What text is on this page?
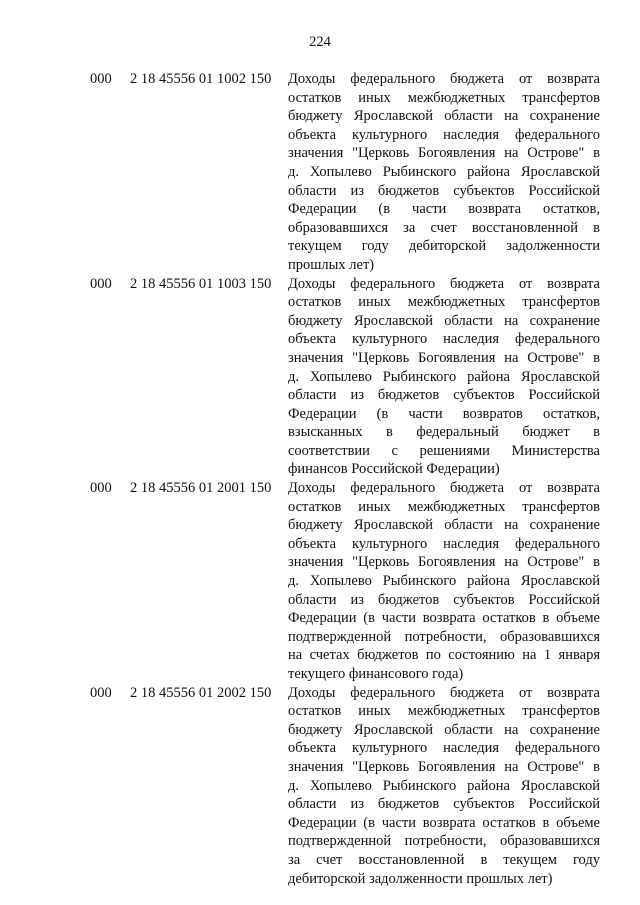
224
000	2 18 45556 01 1002 150	Доходы федерального бюджета от возврата
остатков иных межбюджетных трансфертов
бюджету Ярославской области на сохранение
объекта культурного наследия федерального
значения "Церковь Богоявления на Острове" в
д. Хопылево Рыбинского района Ярославской
области из бюджетов субъектов Российской
Федерации (в части возврата остатков,
образовавшихся за счет восстановленной в
текущем году дебиторской задолженности
прошлых лет)
000	2 18 45556 01 1003 150	Доходы федерального бюджета от возврата
остатков иных межбюджетных трансфертов
бюджету Ярославской области на сохранение
объекта культурного наследия федерального
значения "Церковь Богоявления на Острове" в
д. Хопылево Рыбинского района Ярославской
области из бюджетов субъектов Российской
Федерации (в части возвратов остатков,
взысканных в федеральный бюджет в
соответствии с решениями Министерства
финансов Российской Федерации)
000	2 18 45556 01 2001 150	Доходы федерального бюджета от возврата
остатков иных межбюджетных трансфертов
бюджету Ярославской области на сохранение
объекта культурного наследия федерального
значения "Церковь Богоявления на Острове" в
д. Хопылево Рыбинского района Ярославской
области из бюджетов субъектов Российской
Федерации (в части возврата остатков в объеме
подтвержденной потребности, образовавшихся
на счетах бюджетов по состоянию на 1 января
текущего финансового года)
000	2 18 45556 01 2002 150	Доходы федерального бюджета от возврата
остатков иных межбюджетных трансфертов
бюджету Ярославской области на сохранение
объекта культурного наследия федерального
значения "Церковь Богоявления на Острове" в
д. Хопылево Рыбинского района Ярославской
области из бюджетов субъектов Российской
Федерации (в части возврата остатков в объеме
подтвержденной потребности, образовавшихся
за счет восстановленной в текущем году
дебиторской задолженности прошлых лет)
